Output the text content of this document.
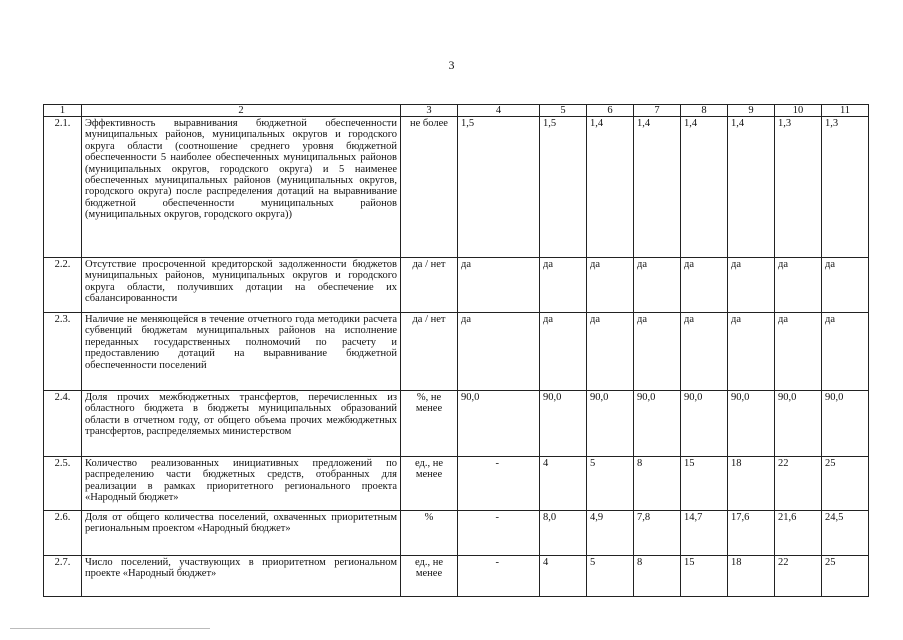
3
1	2	3	4	5	6	7	8	9	10	11
2.1.	Эффективность выравнивания бюджетной обеспеченности муниципальных районов, муниципальных округов и городского округа области (соотношение среднего уровня бюджетной обеспеченности 5 наиболее обеспеченных муниципальных районов (муниципальных округов, городского округа) и 5 наименее обеспеченных муниципальных районов (муниципальных округов, городского округа) после распределения дотаций на выравнивание бюджетной обеспеченности муниципальных районов (муниципальных округов, городского округа))	не более	1,5	1,5	1,4	1,4	1,4	1,4	1,3	1,3
2.2.	Отсутствие просроченной кредиторской задолженности бюджетов муниципальных районов, муниципальных округов и городского округа области, получивших дотации на обеспечение их сбалансированности	да / нет	да	да	да	да	да	да	да	да
2.3.	Наличие не меняющейся в течение отчетного года методики расчета субвенций бюджетам муниципальных районов на исполнение переданных государственных полномочий по расчету и предоставлению дотаций на выравнивание бюджетной обеспеченности поселений	да / нет	да	да	да	да	да	да	да	да
2.4.	Доля прочих межбюджетных трансфертов, перечисленных из областного бюджета в бюджеты муниципальных образований области в отчетном году, от общего объема прочих межбюджетных трансфертов, распределяемых министерством	%, не менее	90,0	90,0	90,0	90,0	90,0	90,0	90,0	90,0
2.5.	Количество реализованных инициативных предложений по распределению части бюджетных средств, отобранных для реализации в рамках приоритетного регионального проекта «Народный бюджет»	ед., не менее	-	4	5	8	15	18	22	25
2.6.	Доля от общего количества поселений, охваченных приоритетным региональным проектом «Народный бюджет»	%	-	8,0	4,9	7,8	14,7	17,6	21,6	24,5
2.7.	Число поселений, участвующих в приоритетном региональном проекте «Народный бюджет»	ед., не менее	-	4	5	8	15	18	22	25
